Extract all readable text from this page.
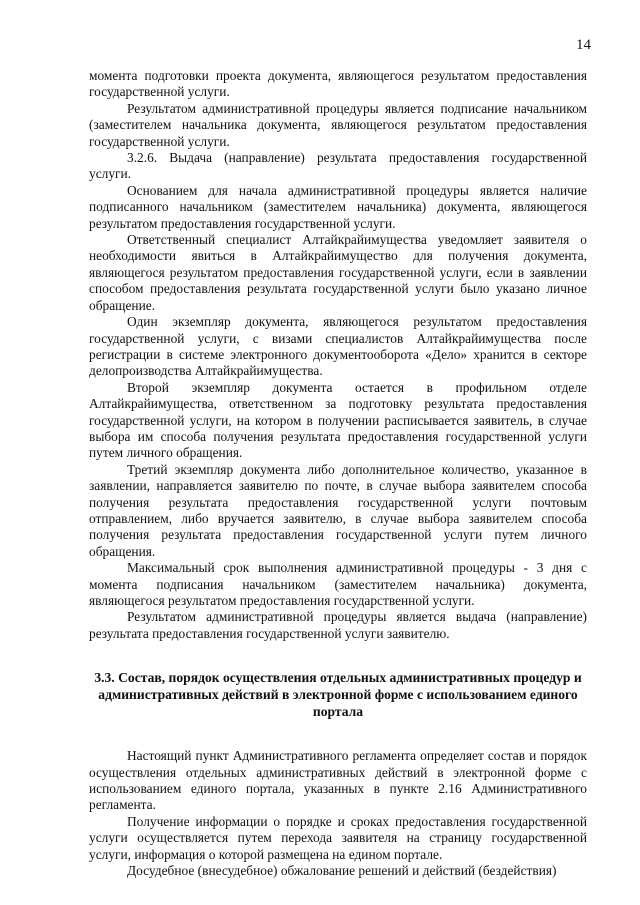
14

момента подготовки проекта документа, являющегося результатом предоставления государственной услуги.

Результатом административной процедуры является подписание начальником (заместителем начальника документа, являющегося результатом предоставления государственной услуги.

3.2.6. Выдача (направление) результата предоставления государственной услуги.

Основанием для начала административной процедуры является наличие подписанного начальником (заместителем начальника) документа, являющегося результатом предоставления государственной услуги.

Ответственный специалист Алтайкрайимущества уведомляет заявителя о необходимости явиться в Алтайкрайимущество для получения документа, являющегося результатом предоставления государственной услуги, если в заявлении способом предоставления результата государственной услуги было указано личное обращение.

Один экземпляр документа, являющегося результатом предоставления государственной услуги, с визами специалистов Алтайкрайимущества после регистрации в системе электронного документооборота «Дело» хранится в секторе делопроизводства Алтайкрайимущества.

Второй экземпляр документа остается в профильном отделе Алтайкрайимущества, ответственном за подготовку результата предоставления государственной услуги, на котором в получении расписывается заявитель, в случае выбора им способа получения результата предоставления государственной услуги путем личного обращения.

Третий экземпляр документа либо дополнительное количество, указанное в заявлении, направляется заявителю по почте, в случае выбора заявителем способа получения результата предоставления государственной услуги почтовым отправлением, либо вручается заявителю, в случае выбора заявителем способа получения результата предоставления государственной услуги путем личного обращения.

Максимальный срок выполнения административной процедуры - 3 дня с момента подписания начальником (заместителем начальника) документа, являющегося результатом предоставления государственной услуги.

Результатом административной процедуры является выдача (направление) результата предоставления государственной услуги заявителю.

3.3. Состав, порядок осуществления отдельных административных процедур и административных действий в электронной форме с использованием единого портала

Настоящий пункт Административного регламента определяет состав и порядок осуществления отдельных административных действий в электронной форме с использованием единого портала, указанных в пункте 2.16 Административного регламента.

Получение информации о порядке и сроках предоставления государственной услуги осуществляется путем перехода заявителя на страницу государственной услуги, информация о которой размещена на едином портале.

Досудебное (внесудебное) обжалование решений и действий (бездействия)
